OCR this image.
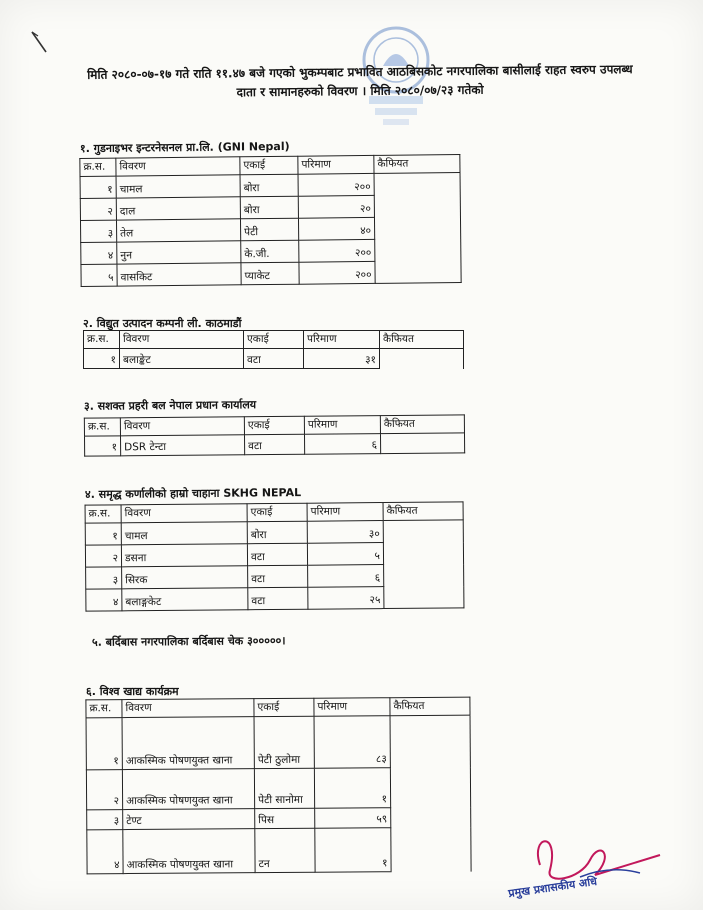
मिति २०८०-०७-१७ गते राति ११.४७ बजे गएको भुकम्पबाट प्रभावित आठबिसकोट नगरपालिका बासीलाई राहत स्वरुप उपलब्ध
दाता र सामानहरुको विवरण । मिति २०८०/०७/२३ गतेको
१. गुडनाइभर इन्टरनेसनल प्रा.लि. (GNI Nepal)
क्र.स.	विवरण	एकाई	परिमाण	कैफियत
१	चामल	बोरा	२००	
२	दाल	बोरा	२०	
३	तेल	पेटी	४०	
४	नुन	के.जी.	२००	
५	वासकिट	प्याकेट	२००	
२. विद्युत उत्पादन कम्पनी ली. काठमाडौं
क्र.स.	विवरण	एकाई	परिमाण	कैफियत
१	बलाङ्केट	वटा	३१	
३. सशक्त प्रहरी बल नेपाल प्रधान कार्यालय
क्र.स.	विवरण	एकाई	परिमाण	कैफियत
१	DSR टेन्टा	वटा	६	
४. समृद्ध कर्णालीको हाम्रो चाहाना SKHG NEPAL
क्र.स.	विवरण	एकाई	परिमाण	कैफियत
१	चामल	बोरा	३०	
२	डसना	वटा	५	
३	सिरक	वटा	६	
४	बलाङ्गकेट	वटा	२५	
५. बर्दिबास नगरपालिका बर्दिबास चेक ३०००००।
६. विश्व खाद्य कार्यक्रम
क्र.स.	विवरण	एकाई	परिमाण	कैफियत
१	आकस्मिक पोषणयुक्त खाना	पेटी ठुलोमा	८३	
२	आकस्मिक पोषणयुक्त खाना	पेटी सानोमा	१	
३	टेण्ट	पिस	५९	
४	आकस्मिक पोषणयुक्त खाना	टन	१	
प्रमुख प्रशासकीय अधि
